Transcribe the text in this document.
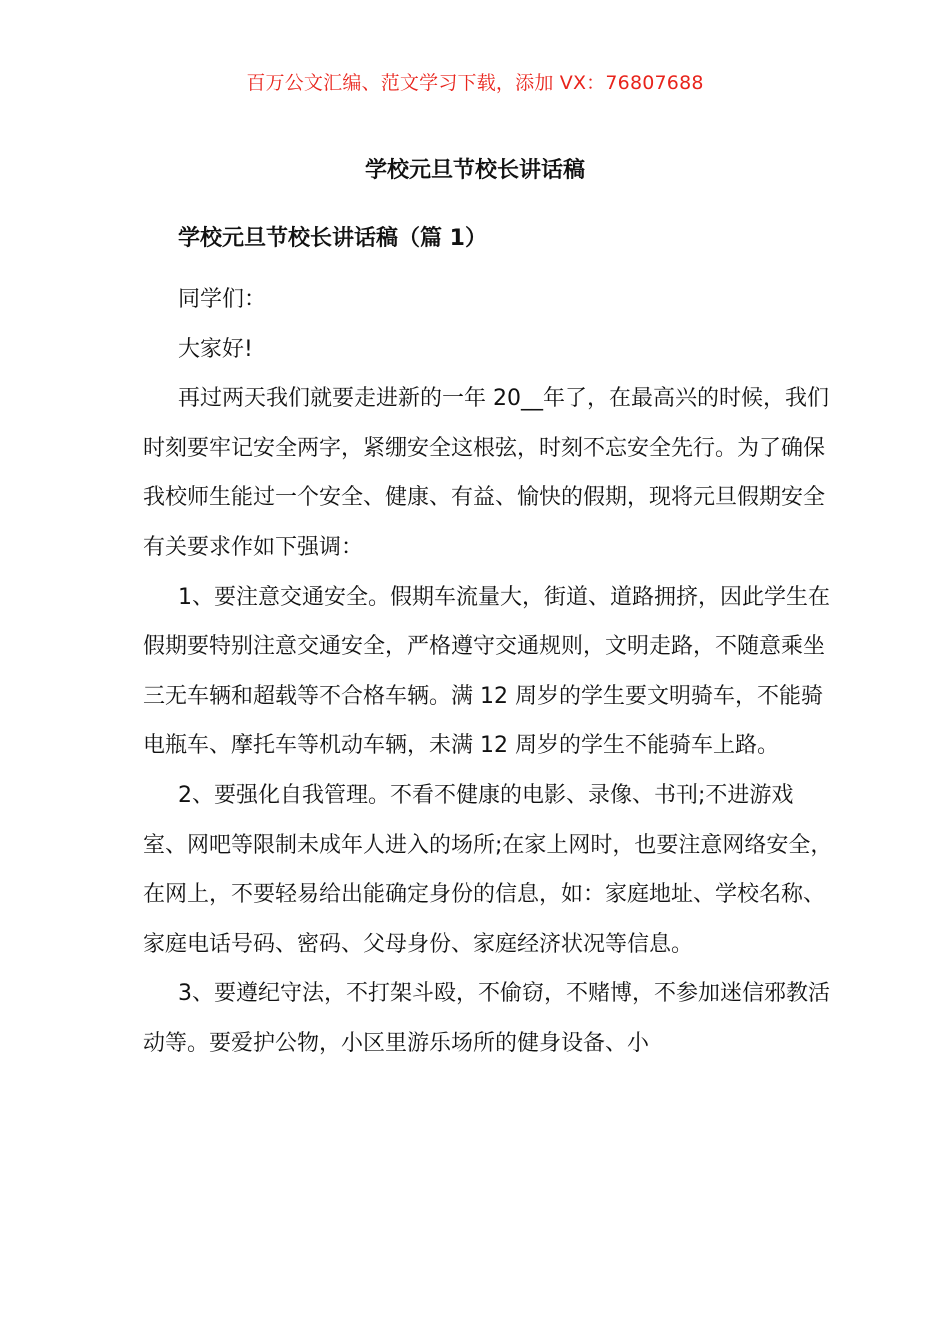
百万公文汇编、范文学习下载，添加 VX：76807688
学校元旦节校长讲话稿
学校元旦节校长讲话稿（篇 1）

同学们：

大家好!

再过两天我们就要走进新的一年 20__年了，在最高兴的时候，我们时刻要牢记安全两字，紧绷安全这根弦，时刻不忘安全先行。为了确保我校师生能过一个安全、健康、有益、愉快的假期，现将元旦假期安全有关要求作如下强调：

1、要注意交通安全。假期车流量大，街道、道路拥挤，因此学生在假期要特别注意交通安全，严格遵守交通规则，文明走路，不随意乘坐三无车辆和超载等不合格车辆。满 12 周岁的学生要文明骑车，不能骑电瓶车、摩托车等机动车辆，未满 12 周岁的学生不能骑车上路。

2、要强化自我管理。不看不健康的电影、录像、书刊;不进游戏室、网吧等限制未成年人进入的场所;在家上网时，也要注意网络安全，在网上，不要轻易给出能确定身份的信息，如：家庭地址、学校名称、家庭电话号码、密码、父母身份、家庭经济状况等信息。

3、要遵纪守法，不打架斗殴，不偷窃，不赌博，不参加迷信邪教活动等。要爱护公物，小区里游乐场所的健身设备、小
